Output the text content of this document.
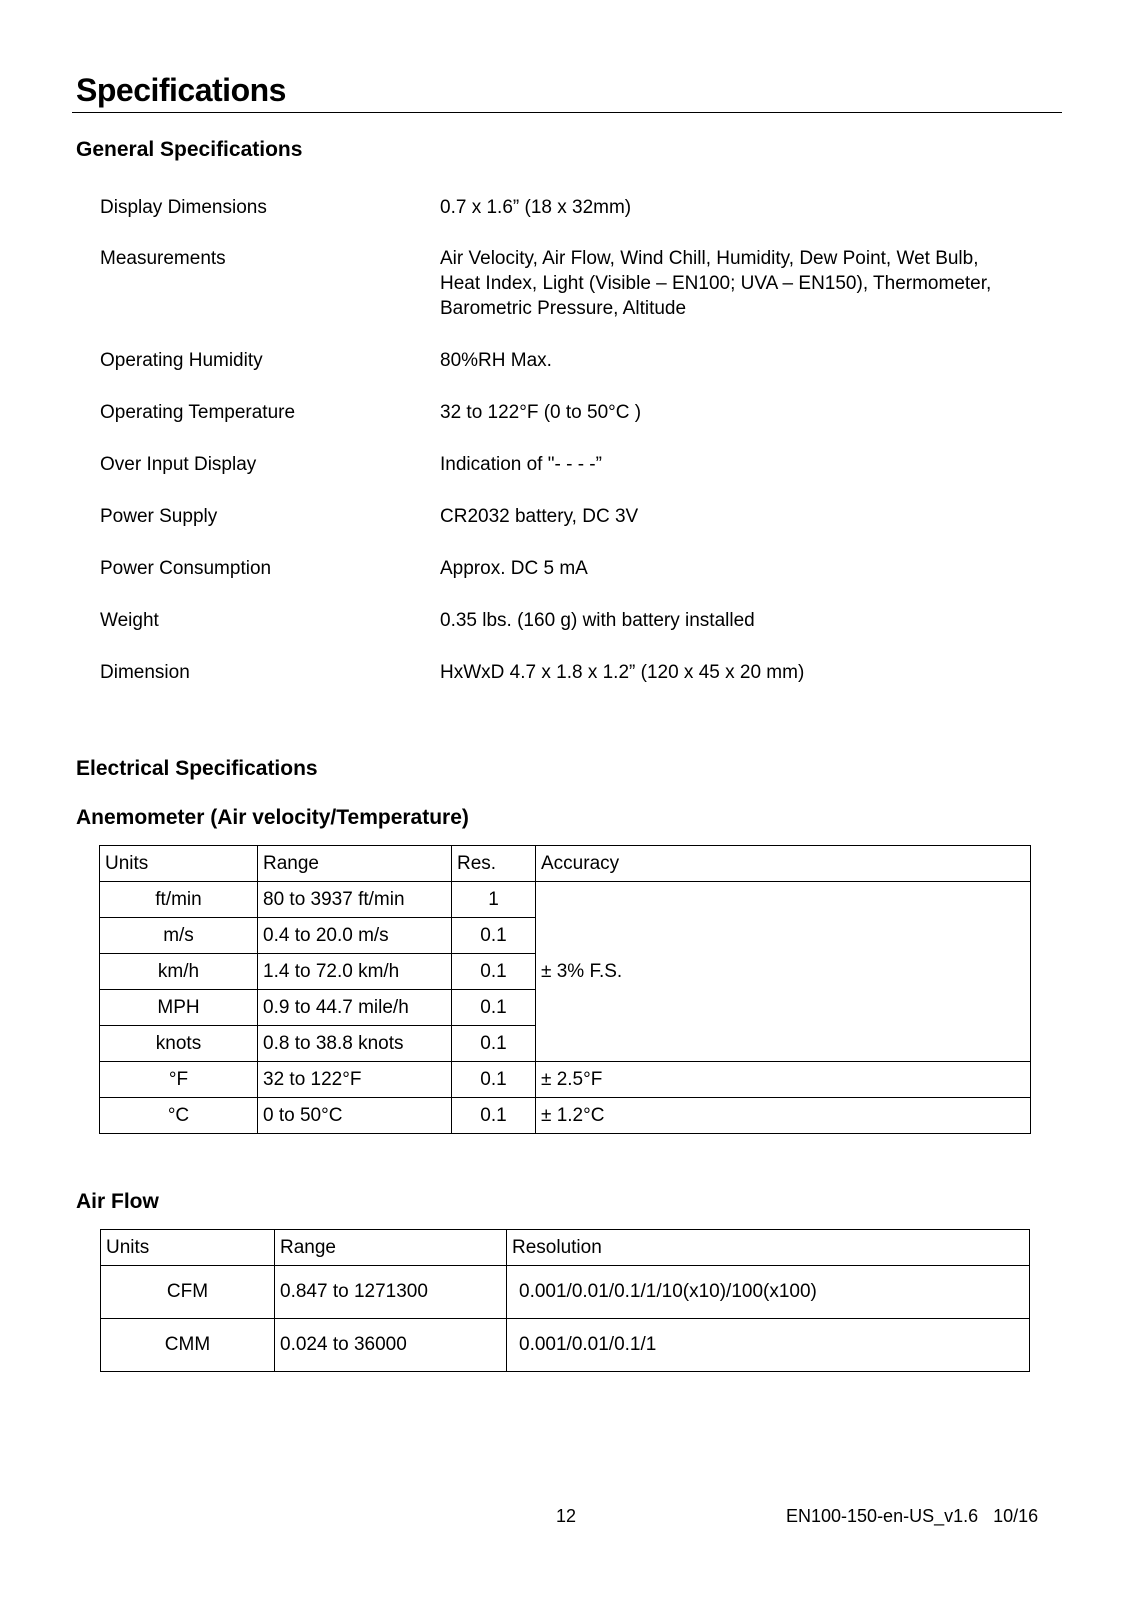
Specifications
General Specifications
Display Dimensions	0.7 x 1.6” (18 x 32mm)
Measurements	Air Velocity, Air Flow, Wind Chill, Humidity, Dew Point, Wet Bulb, Heat Index, Light (Visible – EN100; UVA – EN150), Thermometer, Barometric Pressure, Altitude
Operating Humidity	80%RH Max.
Operating Temperature	32 to 122°F (0 to 50°C )
Over Input Display	Indication of "- - - -”
Power Supply	CR2032 battery, DC 3V
Power Consumption	Approx. DC 5 mA
Weight	0.35 lbs. (160 g) with battery installed
Dimension	HxWxD 4.7 x 1.8 x 1.2” (120 x 45 x 20 mm)
Electrical Specifications
Anemometer (Air velocity/Temperature)
Units	Range	Res.	Accuracy
ft/min	80 to 3937 ft/min	1	± 3% F.S.
m/s	0.4 to 20.0 m/s	0.1	
km/h	1.4 to 72.0 km/h	0.1	
MPH	0.9 to 44.7 mile/h	0.1	
knots	0.8 to 38.8 knots	0.1	
°F	32 to 122°F	0.1	± 2.5°F
°C	0 to 50°C	0.1	± 1.2°C
Air Flow
Units	Range	Resolution
CFM	0.847 to 1271300	0.001/0.01/0.1/1/10(x10)/100(x100)
CMM	0.024 to 36000	0.001/0.01/0.1/1
12	EN100-150-en-US_v1.6   10/16
